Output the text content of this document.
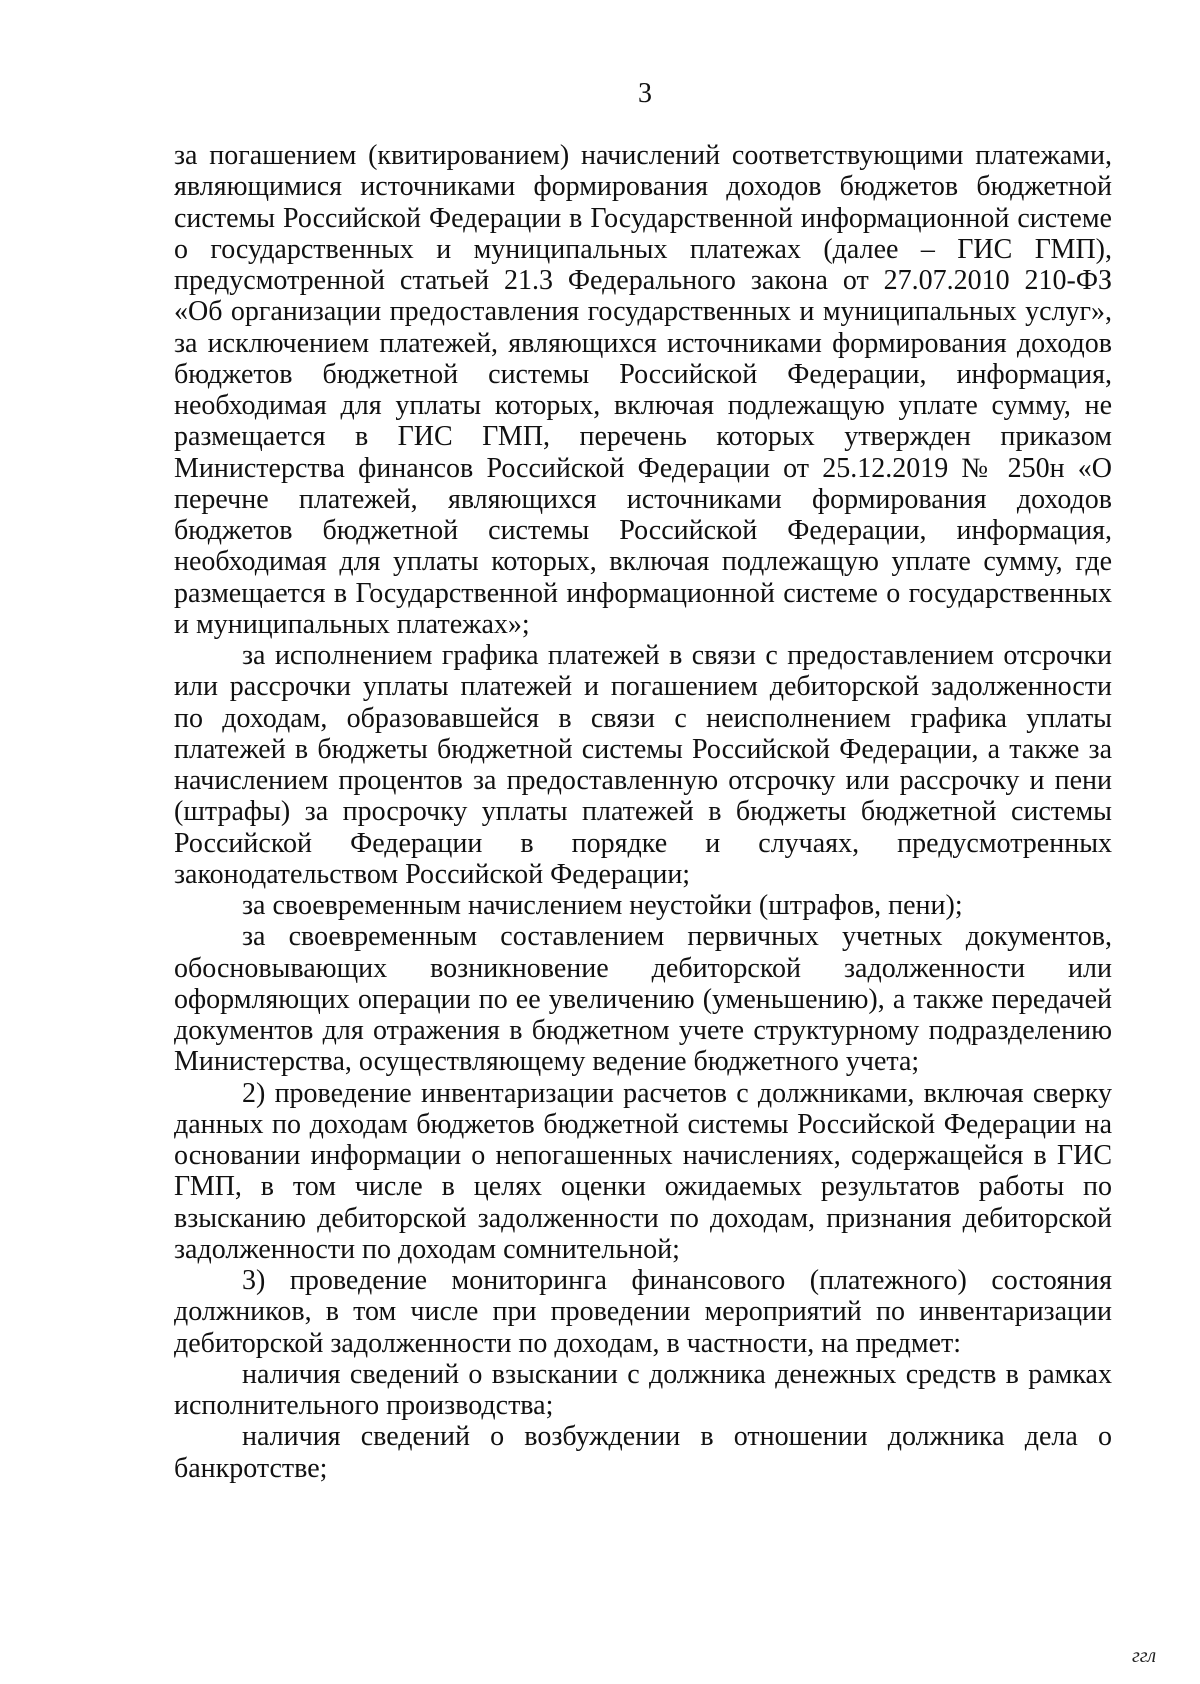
3

за погашением (квитированием) начислений соответствующими платежами, являющимися источниками формирования доходов бюджетов бюджетной системы Российской Федерации в Государственной информационной системе о государственных и муниципальных платежах (далее – ГИС ГМП), предусмотренной статьей 21.3 Федерального закона от 27.07.2010 210-ФЗ «Об организации предоставления государственных и муниципальных услуг», за исключением платежей, являющихся источниками формирования доходов бюджетов бюджетной системы Российской Федерации, информация, необходимая для уплаты которых, включая подлежащую уплате сумму, не размещается в ГИС ГМП, перечень которых утвержден приказом Министерства финансов Российской Федерации от 25.12.2019 № 250н «О перечне платежей, являющихся источниками формирования доходов бюджетов бюджетной системы Российской Федерации, информация, необходимая для уплаты которых, включая подлежащую уплате сумму, где размещается в Государственной информационной системе о государственных и муниципальных платежах»;

за исполнением графика платежей в связи с предоставлением отсрочки или рассрочки уплаты платежей и погашением дебиторской задолженности по доходам, образовавшейся в связи с неисполнением графика уплаты платежей в бюджеты бюджетной системы Российской Федерации, а также за начислением процентов за предоставленную отсрочку или рассрочку и пени (штрафы) за просрочку уплаты платежей в бюджеты бюджетной системы Российской Федерации в порядке и случаях, предусмотренных законодательством Российской Федерации;

за своевременным начислением неустойки (штрафов, пени);

за своевременным составлением первичных учетных документов, обосновывающих возникновение дебиторской задолженности или оформляющих операции по ее увеличению (уменьшению), а также передачей документов для отражения в бюджетном учете структурному подразделению Министерства, осуществляющему ведение бюджетного учета;

2) проведение инвентаризации расчетов с должниками, включая сверку данных по доходам бюджетов бюджетной системы Российской Федерации на основании информации о непогашенных начислениях, содержащейся в ГИС ГМП, в том числе в целях оценки ожидаемых результатов работы по взысканию дебиторской задолженности по доходам, признания дебиторской задолженности по доходам сомнительной;

3) проведение мониторинга финансового (платежного) состояния должников, в том числе при проведении мероприятий по инвентаризации дебиторской задолженности по доходам, в частности, на предмет:

наличия сведений о взыскании с должника денежных средств в рамках исполнительного производства;

наличия сведений о возбуждении в отношении должника дела о банкротстве;

ггл
